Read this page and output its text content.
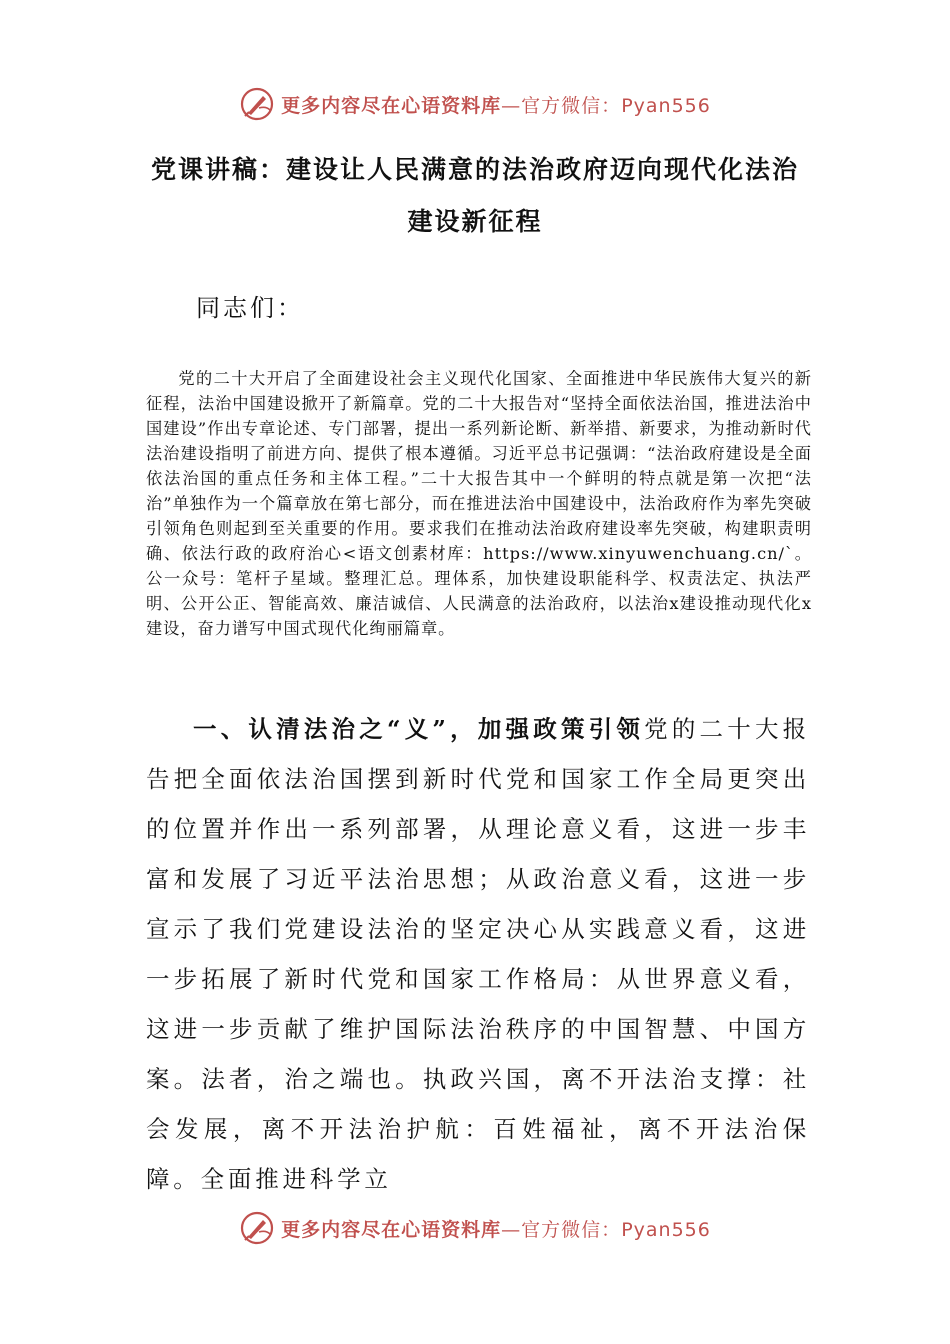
更多内容尽在心语资料库—官方微信：Pyan556
党课讲稿：建设让人民满意的法治政府迈向现代化法治建设新征程

同志们：

党的二十大开启了全面建设社会主义现代化国家、全面推进中华民族伟大复兴的新征程，法治中国建设掀开了新篇章。党的二十大报告对“坚持全面依法治国，推进法治中国建设”作出专章论述、专门部署，提出一系列新论断、新举措、新要求，为推动新时代法治建设指明了前进方向、提供了根本遵循。习近平总书记强调：“法治政府建设是全面依法治国的重点任务和主体工程。”二十大报告其中一个鲜明的特点就是第一次把“法治”单独作为一个篇章放在第七部分，而在推进法治中国建设中，法治政府作为率先突破引领角色则起到至关重要的作用。要求我们在推动法治政府建设率先突破，构建职责明确、依法行政的政府治心<语文创素材库：https://www.xinyuwenchuang.cn/`。公一众号：笔杆子星域。整理汇总。理体系，加快建设职能科学、权责法定、执法严明、公开公正、智能高效、廉洁诚信、人民满意的法治政府，以法治x建设推动现代化x建设，奋力谱写中国式现代化绚丽篇章。

一、认清法治之“义”，加强政策引领党的二十大报告把全面依法治国摆到新时代党和国家工作全局更突出的位置并作出一系列部署，从理论意义看，这进一步丰富和发展了习近平法治思想；从政治意义看，这进一步宣示了我们党建设法治的坚定决心从实践意义看，这进一步拓展了新时代党和国家工作格局：从世界意义看，这进一步贡献了维护国际法治秩序的中国智慧、中国方案。法者，治之端也。执政兴国，离不开法治支撑：社会发展，离不开法治护航：百姓福祉，离不开法治保障。全面推进科学立

更多内容尽在心语资料库—官方微信：Pyan556
